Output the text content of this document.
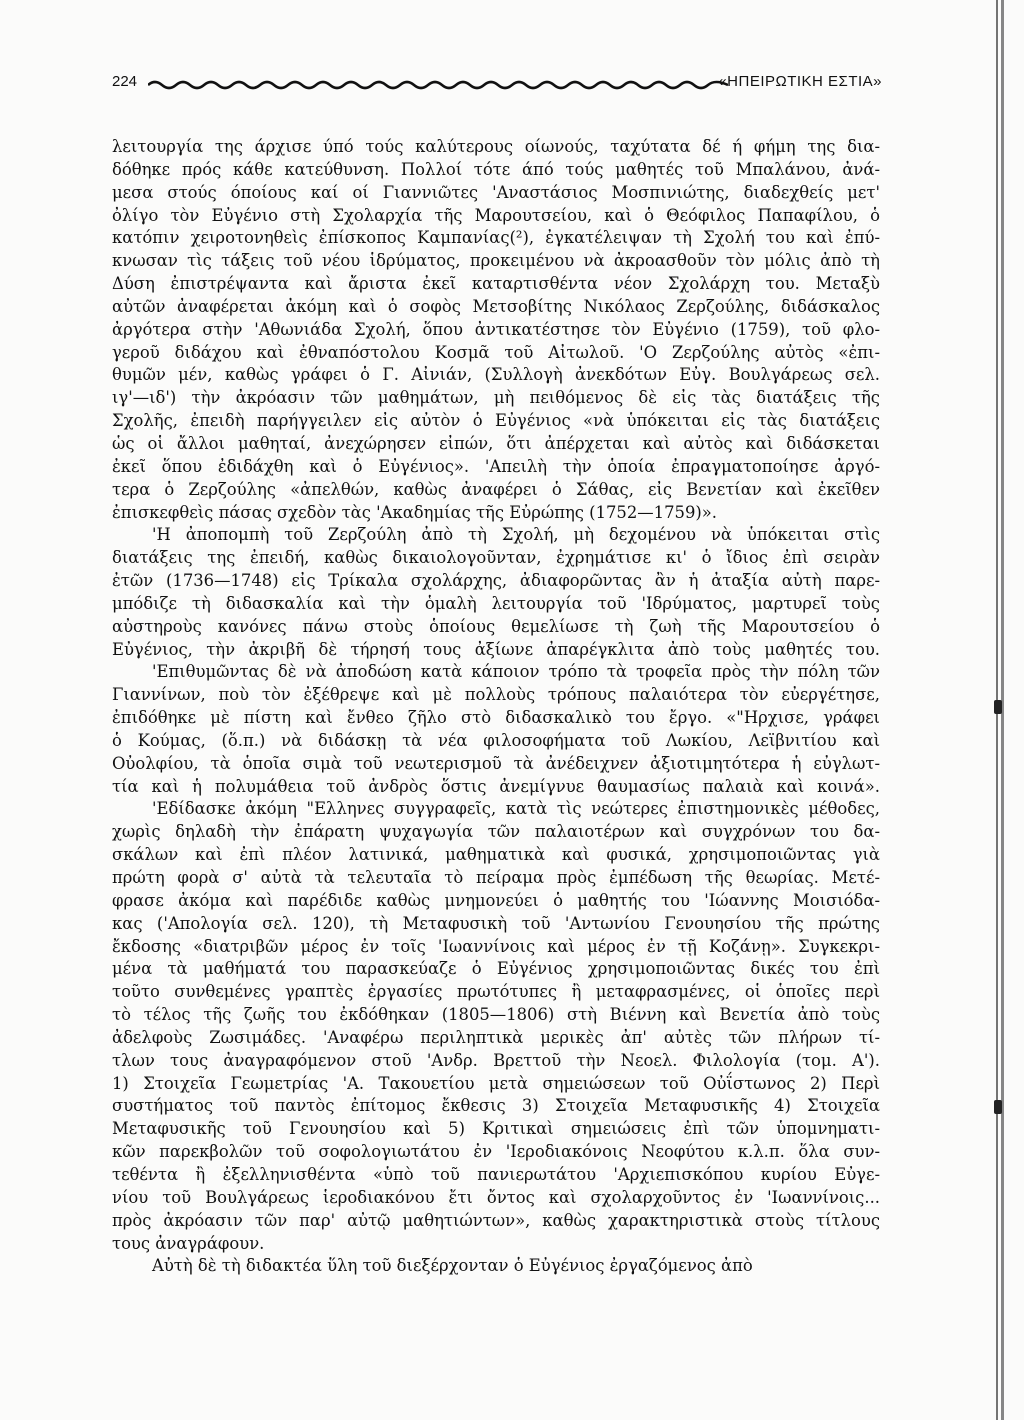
224	«ΗΠΕΙΡΩΤΙΚΗ ΕΣΤΙΑ»
λειτουργία της άρχισε ύπό τούς καλύτερους οίωνούς, ταχύτατα δέ ή φήμη της δια-
δόθηκε πρός κάθε κατεύθυνση. Πολλοί τότε άπό τούς μαθητές τοῦ Μπαλάνου, ἀνά-
μεσα στούς όποίους καί οί Γιαννιῶτες 'Αναστάσιος Μοσπινιώτης, διαδεχθείς μετ'
ὀλίγο τὸν Εὐγένιο στὴ Σχολαρχία τῆς Μαρουτσείου, καὶ ὁ Θεόφιλος Παπαφίλου, ὁ
κατόπιν χειροτονηθεὶς ἐπίσκοπος Καμπανίας(²), ἐγκατέλειψαν τὴ Σχολή του καὶ ἐπύ-
κνωσαν τὶς τάξεις τοῦ νέου ἱδρύματος, προκειμένου νὰ ἀκροασθοῦν τὸν μόλις ἀπὸ τὴ
Δύση ἐπιστρέψαντα καὶ ἄριστα ἐκεῖ καταρτισθέντα νέον Σχολάρχη του. Μεταξὺ
αὐτῶν ἀναφέρεται ἀκόμη καὶ ὁ σοφὸς Μετσοβίτης Νικόλαος Ζερζούλης, διδάσκαλος
ἀργότερα στὴν 'Αθωνιάδα Σχολή, ὅπου ἀντικατέστησε τὸν Εὐγένιο (1759), τοῦ φλο-
γεροῦ διδάχου καὶ ἐθναπόστολου Κοσμᾶ τοῦ Αἰτωλοῦ. 'Ο Ζερζούλης αὐτὸς «ἐπι-
θυμῶν μέν, καθὼς γράφει ὁ Γ. Αἰνιάν, (Συλλογὴ ἀνεκδότων Εὐγ. Βουλγάρεως σελ.
ιγ'—ιδ') τὴν ἀκρόασιν τῶν μαθημάτων, μὴ πειθόμενος δὲ εἰς τὰς διατάξεις τῆς
Σχολῆς, ἐπειδὴ παρήγγειλεν εἰς αὐτὸν ὁ Εὐγένιος «νὰ ὑπόκειται εἰς τὰς διατάξεις
ὡς οἱ ἄλλοι μαθηταί, ἀνεχώρησεν εἰπών, ὅτι ἀπέρχεται καὶ αὐτὸς καὶ διδάσκεται
ἐκεῖ ὅπου ἐδιδάχθη καὶ ὁ Εὐγένιος». 'Απειλὴ τὴν ὁποία ἐπραγματοποίησε ἀργό-
τερα ὁ Ζερζούλης «ἀπελθών, καθὼς ἀναφέρει ὁ Σάθας, εἰς Βενετίαν καὶ ἐκεῖθεν
ἐπισκεφθεὶς πάσας σχεδὸν τὰς 'Ακαδημίας τῆς Εὐρώπης (1752—1759)».
'Η ἀποπομπὴ τοῦ Ζερζούλη ἀπὸ τὴ Σχολή, μὴ δεχομένου νὰ ὑπόκειται στὶς
διατάξεις της ἐπειδή, καθὼς δικαιολογοῦνταν, ἐχρημάτισε κι' ὁ ἴδιος ἐπὶ σειρὰν
ἐτῶν (1736—1748) εἰς Τρίκαλα σχολάρχης, ἀδιαφορῶντας ἂν ἡ ἀταξία αὐτὴ παρε-
μπόδιζε τὴ διδασκαλία καὶ τὴν ὁμαλὴ λειτουργία τοῦ 'Ιδρύματος, μαρτυρεῖ τοὺς
αὐστηροὺς κανόνες πάνω στοὺς ὁποίους θεμελίωσε τὴ ζωὴ τῆς Μαρουτσείου ὁ
Εὐγένιος, τὴν ἀκριβῆ δὲ τήρησή τους ἀξίωνε ἀπαρέγκλιτα ἀπὸ τοὺς μαθητές του.
'Επιθυμῶντας δὲ νὰ ἀποδώση κατὰ κάποιον τρόπο τὰ τροφεῖα πρὸς τὴν πόλη τῶν
Γιαννίνων, ποὺ τὸν ἐξέθρεψε καὶ μὲ πολλοὺς τρόπους παλαιότερα τὸν εὐεργέτησε,
ἐπιδόθηκε μὲ πίστη καὶ ἔνθεο ζῆλο στὸ διδασκαλικὸ του ἔργο. «"Ηρχισε, γράφει
ὁ Κούμας, (ὅ.π.) νὰ διδάσκῃ τὰ νέα φιλοσοφήματα τοῦ Λωκίου, Λεϊβνιτίου καὶ
Οὐολφίου, τὰ ὁποῖα σιμὰ τοῦ νεωτερισμοῦ τὰ ἀνέδειχνεν ἀξιοτιμητότερα ἡ εὐγλωτ-
τία καὶ ἡ πολυμάθεια τοῦ ἀνδρὸς ὅστις ἀνεμίγνυε θαυμασίως παλαιὰ καὶ κοινά».
'Εδίδασκε ἀκόμη "Ελληνες συγγραφεῖς, κατὰ τὶς νεώτερες ἐπιστημονικὲς μέθοδες,
χωρὶς δηλαδὴ τὴν ἐπάρατη ψυχαγωγία τῶν παλαιοτέρων καὶ συγχρόνων του δα-
σκάλων καὶ ἐπὶ πλέον λατινικά, μαθηματικὰ καὶ φυσικά, χρησιμοποιῶντας γιὰ
πρώτη φορὰ σ' αὐτὰ τὰ τελευταῖα τὸ πείραμα πρὸς ἐμπέδωση τῆς θεωρίας. Μετέ-
φρασε ἀκόμα καὶ παρέδιδε καθὼς μνημονεύει ὁ μαθητής του 'Ιώαννης Μοισιόδα-
κας ('Απολογία σελ. 120), τὴ Μεταφυσικὴ τοῦ 'Αντωνίου Γενουησίου τῆς πρώτης
ἔκδοσης «διατριβῶν μέρος ἐν τοῖς 'Ιωαννίνοις καὶ μέρος ἐν τῇ Κοζάνῃ». Συγκεκρι-
μένα τὰ μαθήματά του παρασκεύαζε ὁ Εὐγένιος χρησιμοποιῶντας δικές του ἐπὶ
τοῦτο συνθεμένες γραπτὲς ἐργασίες πρωτότυπες ἢ μεταφρασμένες, οἱ ὁποῖες περὶ
τὸ τέλος τῆς ζωῆς του ἐκδόθηκαν (1805—1806) στὴ Βιέννη καὶ Βενετία ἀπὸ τοὺς
ἀδελφοὺς Ζωσιμάδες. 'Αναφέρω περιληπτικὰ μερικὲς ἀπ' αὐτὲς τῶν πλήρων τί-
τλων τους ἀναγραφόμενον στοῦ 'Ανδρ. Βρεττοῦ τὴν Νεοελ. Φιλολογία (τομ. Α').
1) Στοιχεῖα Γεωμετρίας 'Α. Τακουετίου μετὰ σημειώσεων τοῦ Οὐΐστωνος 2) Περὶ
συστήματος τοῦ παντὸς ἐπίτομος ἔκθεσις 3) Στοιχεῖα Μεταφυσικῆς 4) Στοιχεῖα
Μεταφυσικῆς τοῦ Γενουησίου καὶ 5) Κριτικαὶ σημειώσεις ἐπὶ τῶν ὑπομνηματι-
κῶν παρεκβολῶν τοῦ σοφολογιωτάτου ἐν 'Ιεροδιακόνοις Νεοφύτου κ.λ.π. ὅλα συν-
τεθέντα ἢ ἐξελληνισθέντα «ὑπὸ τοῦ πανιερωτάτου 'Αρχιεπισκόπου κυρίου Εὐγε-
νίου τοῦ Βουλγάρεως ἱεροδιακόνου ἔτι ὄντος καὶ σχολαρχοῦντος ἐν 'Ιωαννίνοις...
πρὸς ἀκρόασιν τῶν παρ' αὐτῷ μαθητιώντων», καθὼς χαρακτηριστικὰ στοὺς τίτλους
τους ἀναγράφουν.
Αὐτὴ δὲ τὴ διδακτέα ὕλη τοῦ διεξέρχονταν ὁ Εὐγένιος ἐργαζόμενος ἀπὸ
